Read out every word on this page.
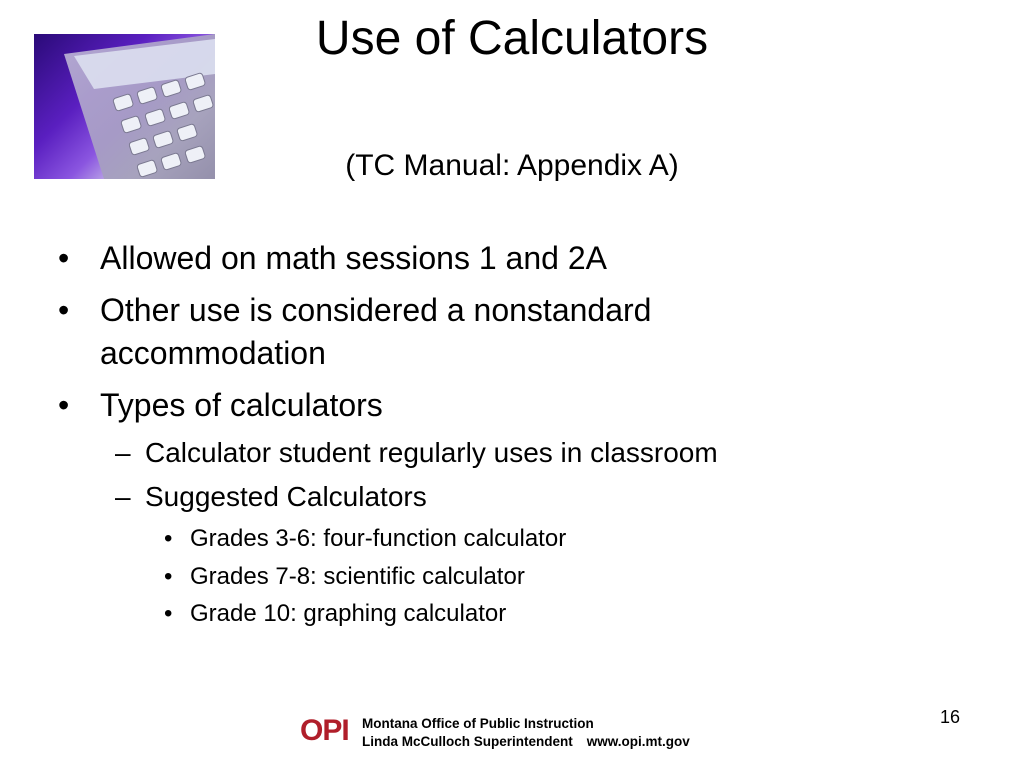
Use of Calculators
(TC Manual: Appendix A)
• Allowed on math sessions 1 and 2A
• Other use is considered a nonstandard
accommodation
• Types of calculators
– Calculator student regularly uses in classroom
– Suggested Calculators
• Grades 3-6: four-function calculator
• Grades 7-8: scientific calculator
• Grade 10: graphing calculator
OPI Montana Office of Public Instruction
Linda McCulloch Superintendent www.opi.mt.gov
16
